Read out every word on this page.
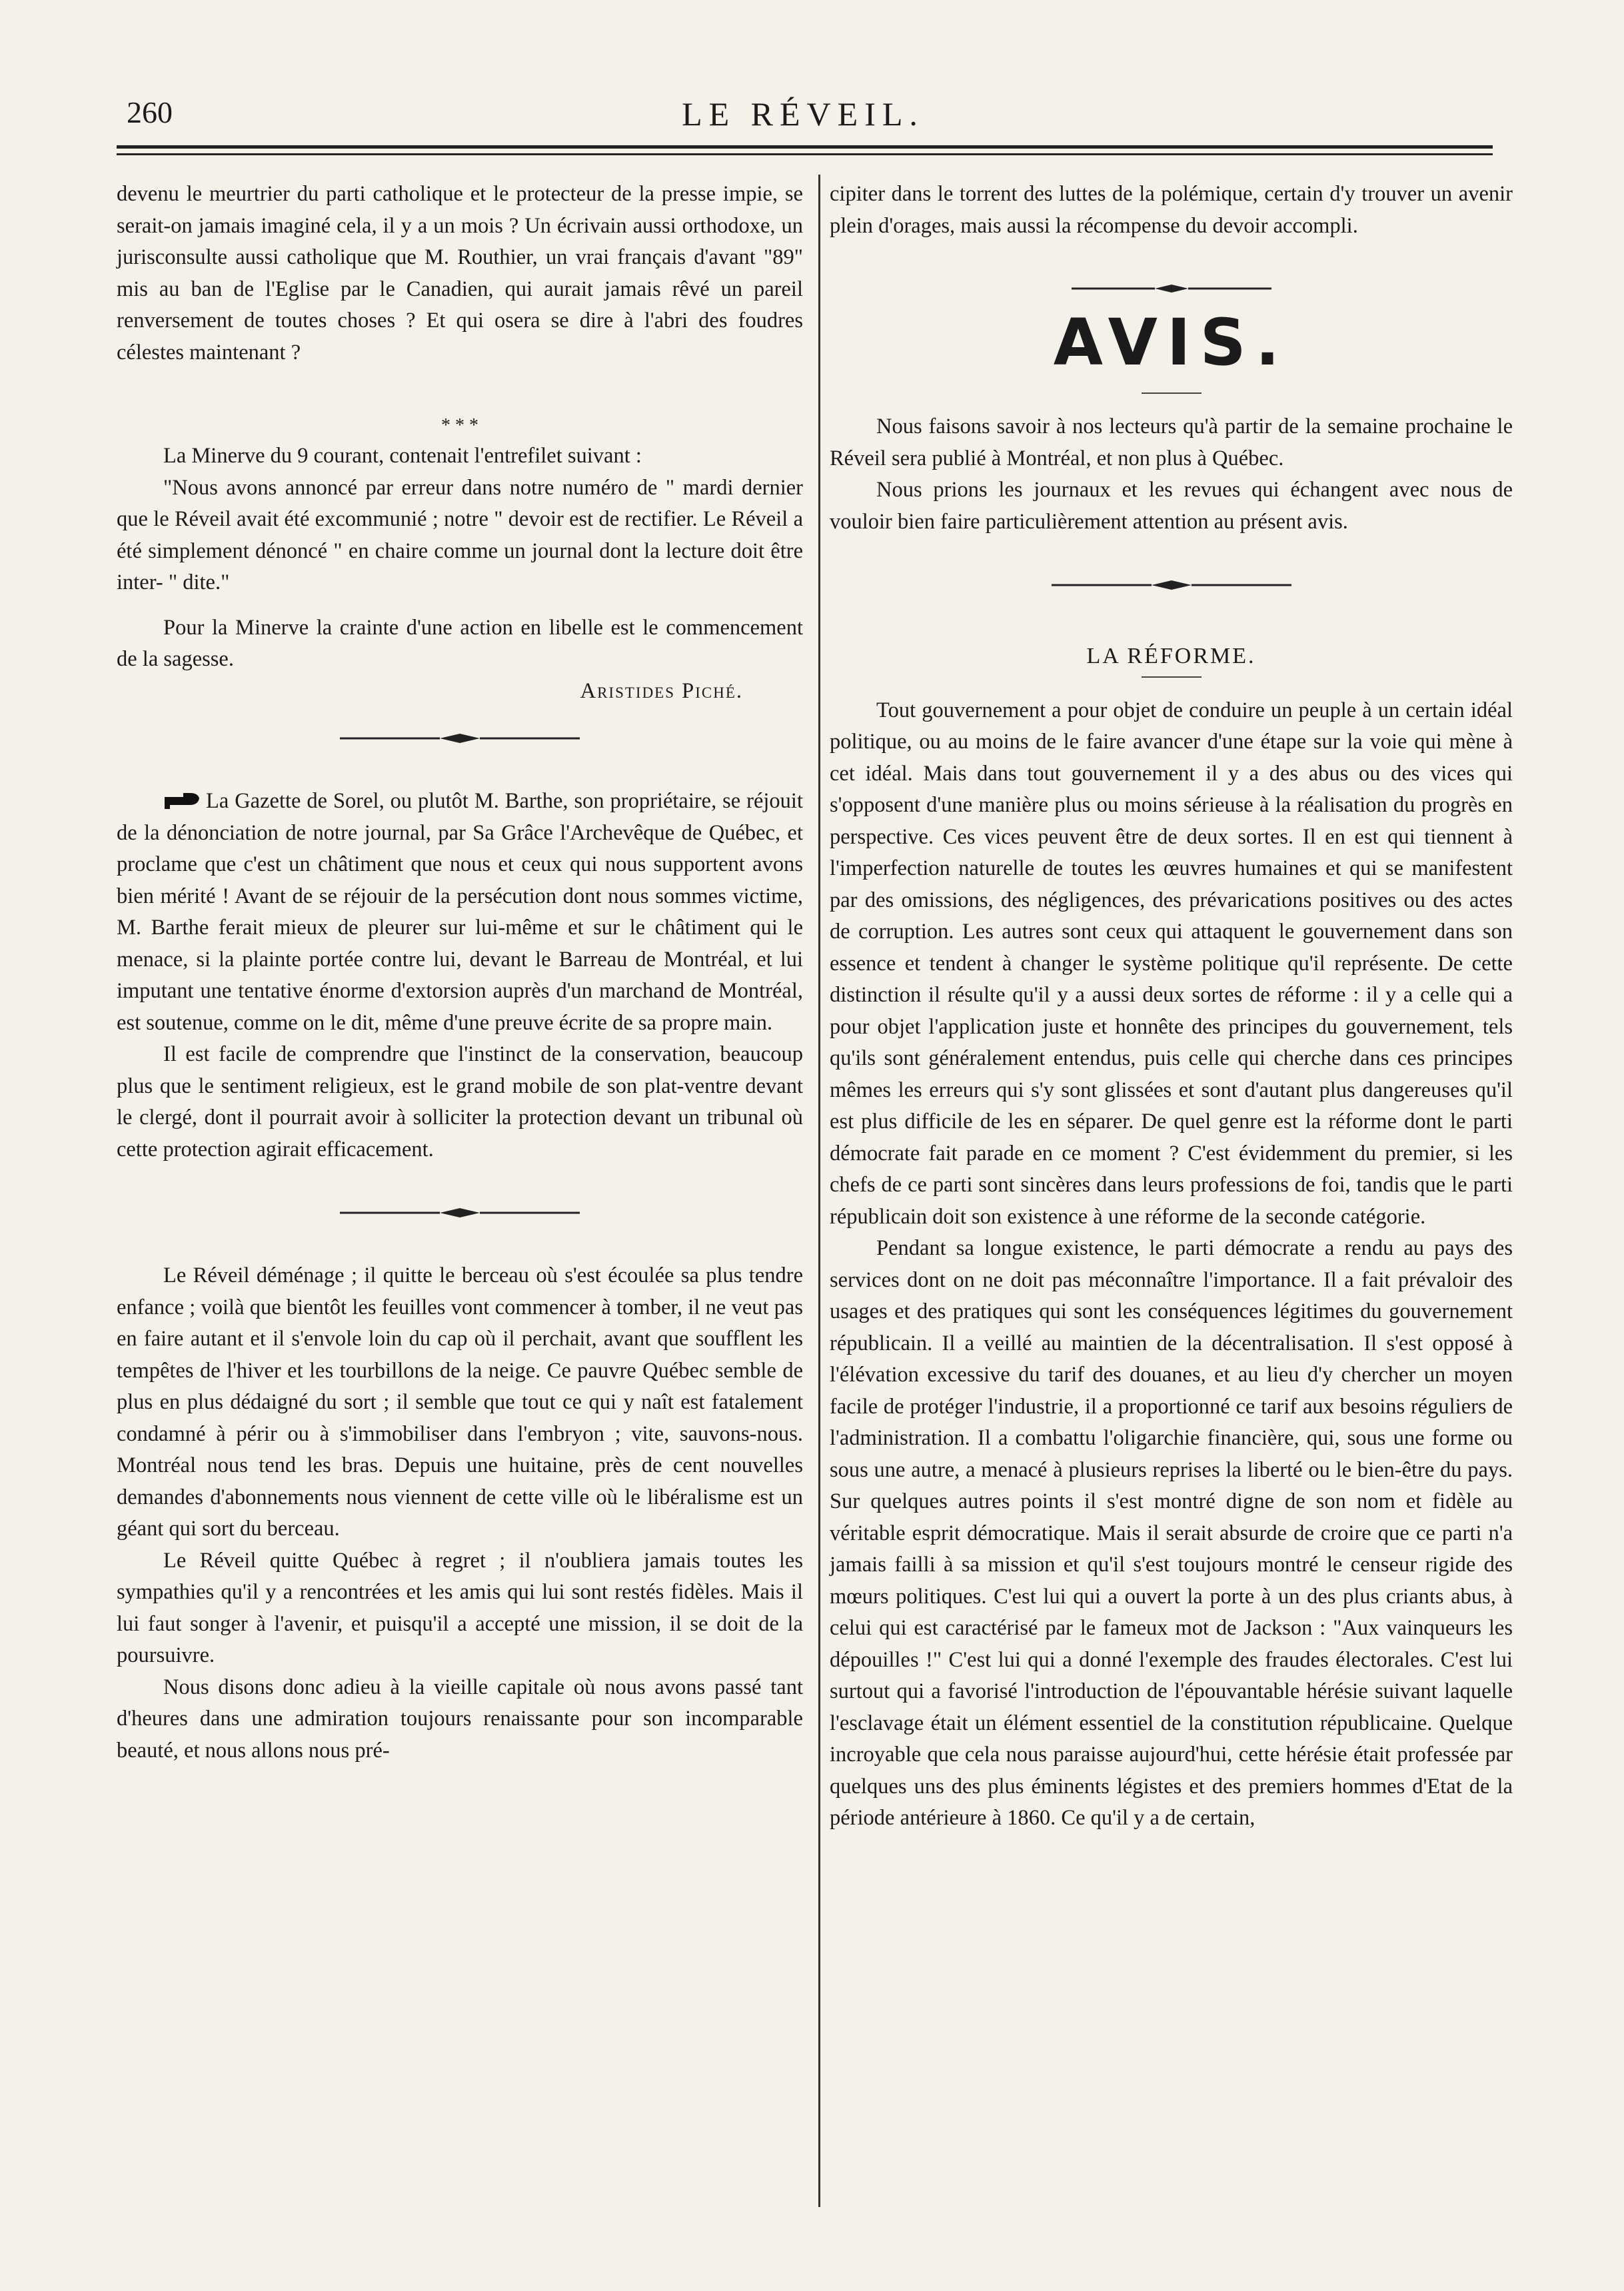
260	LE RÉVEIL.

devenu le meurtrier du parti catholique et le protecteur de la presse impie, se serait-on jamais imaginé cela, il y a un mois ? Un écrivain aussi orthodoxe, un jurisconsulte aussi catholique que M. Routhier, un vrai français d'avant "89" mis au ban de l'Eglise par le Canadien, qui aurait jamais rêvé un pareil renversement de toutes choses ? Et qui osera se dire à l'abri des foudres célestes maintenant ?

* * *

La Minerve du 9 courant, contenait l'entrefilet suivant :

"Nous avons annoncé par erreur dans notre numéro de " mardi dernier que le Réveil avait été excommunié ; notre " devoir est de rectifier. Le Réveil a été simplement dénoncé " en chaire comme un journal dont la lecture doit être inter- " dite."

Pour la Minerve la crainte d'une action en libelle est le commencement de la sagesse.

Aristides Piché.

La Gazette de Sorel, ou plutôt M. Barthe, son propriétaire, se réjouit de la dénonciation de notre journal, par Sa Grâce l'Archevêque de Québec, et proclame que c'est un châtiment que nous et ceux qui nous supportent avons bien mérité ! Avant de se réjouir de la persécution dont nous sommes victime, M. Barthe ferait mieux de pleurer sur lui-même et sur le châtiment qui le menace, si la plainte portée contre lui, devant le Barreau de Montréal, et lui imputant une tentative énorme d'extorsion auprès d'un marchand de Montréal, est soutenue, comme on le dit, même d'une preuve écrite de sa propre main.

Il est facile de comprendre que l'instinct de la conservation, beaucoup plus que le sentiment religieux, est le grand mobile de son plat-ventre devant le clergé, dont il pourrait avoir à solliciter la protection devant un tribunal où cette protection agirait efficacement.

Le Réveil déménage ; il quitte le berceau où s'est écoulée sa plus tendre enfance ; voilà que bientôt les feuilles vont commencer à tomber, il ne veut pas en faire autant et il s'envole loin du cap où il perchait, avant que soufflent les tempêtes de l'hiver et les tourbillons de la neige. Ce pauvre Québec semble de plus en plus dédaigné du sort ; il semble que tout ce qui y naît est fatalement condamné à périr ou à s'immobiliser dans l'embryon ; vite, sauvons-nous. Montréal nous tend les bras. Depuis une huitaine, près de cent nouvelles demandes d'abonnements nous viennent de cette ville où le libéralisme est un géant qui sort du berceau.

Le Réveil quitte Québec à regret ; il n'oubliera jamais toutes les sympathies qu'il y a rencontrées et les amis qui lui sont restés fidèles. Mais il lui faut songer à l'avenir, et puisqu'il a accepté une mission, il se doit de la poursuivre.

Nous disons donc adieu à la vieille capitale où nous avons passé tant d'heures dans une admiration toujours renaissante pour son incomparable beauté, et nous allons nous pré-

cipiter dans le torrent des luttes de la polémique, certain d'y trouver un avenir plein d'orages, mais aussi la récompense du devoir accompli.

AVIS.

Nous faisons savoir à nos lecteurs qu'à partir de la semaine prochaine le Réveil sera publié à Montréal, et non plus à Québec.

Nous prions les journaux et les revues qui échangent avec nous de vouloir bien faire particulièrement attention au présent avis.

LA RÉFORME.

Tout gouvernement a pour objet de conduire un peuple à un certain idéal politique, ou au moins de le faire avancer d'une étape sur la voie qui mène à cet idéal. Mais dans tout gouvernement il y a des abus ou des vices qui s'opposent d'une manière plus ou moins sérieuse à la réalisation du progrès en perspective. Ces vices peuvent être de deux sortes. Il en est qui tiennent à l'imperfection naturelle de toutes les œuvres humaines et qui se manifestent par des omissions, des négligences, des prévarications positives ou des actes de corruption. Les autres sont ceux qui attaquent le gouvernement dans son essence et tendent à changer le système politique qu'il représente. De cette distinction il résulte qu'il y a aussi deux sortes de réforme : il y a celle qui a pour objet l'application juste et honnête des principes du gouvernement, tels qu'ils sont généralement entendus, puis celle qui cherche dans ces principes mêmes les erreurs qui s'y sont glissées et sont d'autant plus dangereuses qu'il est plus difficile de les en séparer. De quel genre est la réforme dont le parti démocrate fait parade en ce moment ? C'est évidemment du premier, si les chefs de ce parti sont sincères dans leurs professions de foi, tandis que le parti républicain doit son existence à une réforme de la seconde catégorie.

Pendant sa longue existence, le parti démocrate a rendu au pays des services dont on ne doit pas méconnaître l'importance. Il a fait prévaloir des usages et des pratiques qui sont les conséquences légitimes du gouvernement républicain. Il a veillé au maintien de la décentralisation. Il s'est opposé à l'élévation excessive du tarif des douanes, et au lieu d'y chercher un moyen facile de protéger l'industrie, il a proportionné ce tarif aux besoins réguliers de l'administration. Il a combattu l'oligarchie financière, qui, sous une forme ou sous une autre, a menacé à plusieurs reprises la liberté ou le bien-être du pays. Sur quelques autres points il s'est montré digne de son nom et fidèle au véritable esprit démocratique. Mais il serait absurde de croire que ce parti n'a jamais failli à sa mission et qu'il s'est toujours montré le censeur rigide des mœurs politiques. C'est lui qui a ouvert la porte à un des plus criants abus, à celui qui est caractérisé par le fameux mot de Jackson : "Aux vainqueurs les dépouilles !" C'est lui qui a donné l'exemple des fraudes électorales. C'est lui surtout qui a favorisé l'introduction de l'épouvantable hérésie suivant laquelle l'esclavage était un élément essentiel de la constitution républicaine. Quelque incroyable que cela nous paraisse aujourd'hui, cette hérésie était professée par quelques uns des plus éminents légistes et des premiers hommes d'Etat de la période antérieure à 1860. Ce qu'il y a de certain,
